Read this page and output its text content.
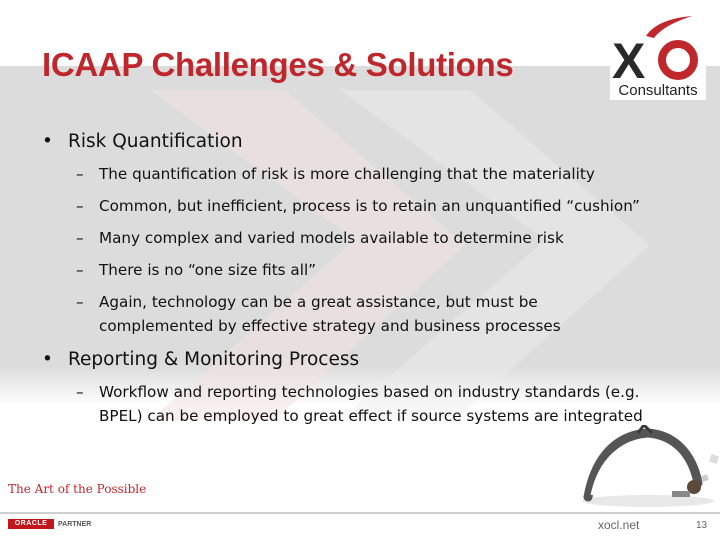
ICAAP Challenges & Solutions X
Consultants
• Risk Quantification
– The quantification of risk is more challenging that the materiality
– Common, but inefficient, process is to retain an unquantified “cushion”
– Many complex and varied models available to determine risk
– There is no “one size fits all”
– Again, technology can be a great assistance, but must be complemented by effective strategy and business processes
• Reporting & Monitoring Process
– Workflow and reporting technologies based on industry standards (e.g. BPEL) can be employed to great effect if source systems are integrated
The Art of the Possible
ORACLE	PARTNER	xocl.net	13
